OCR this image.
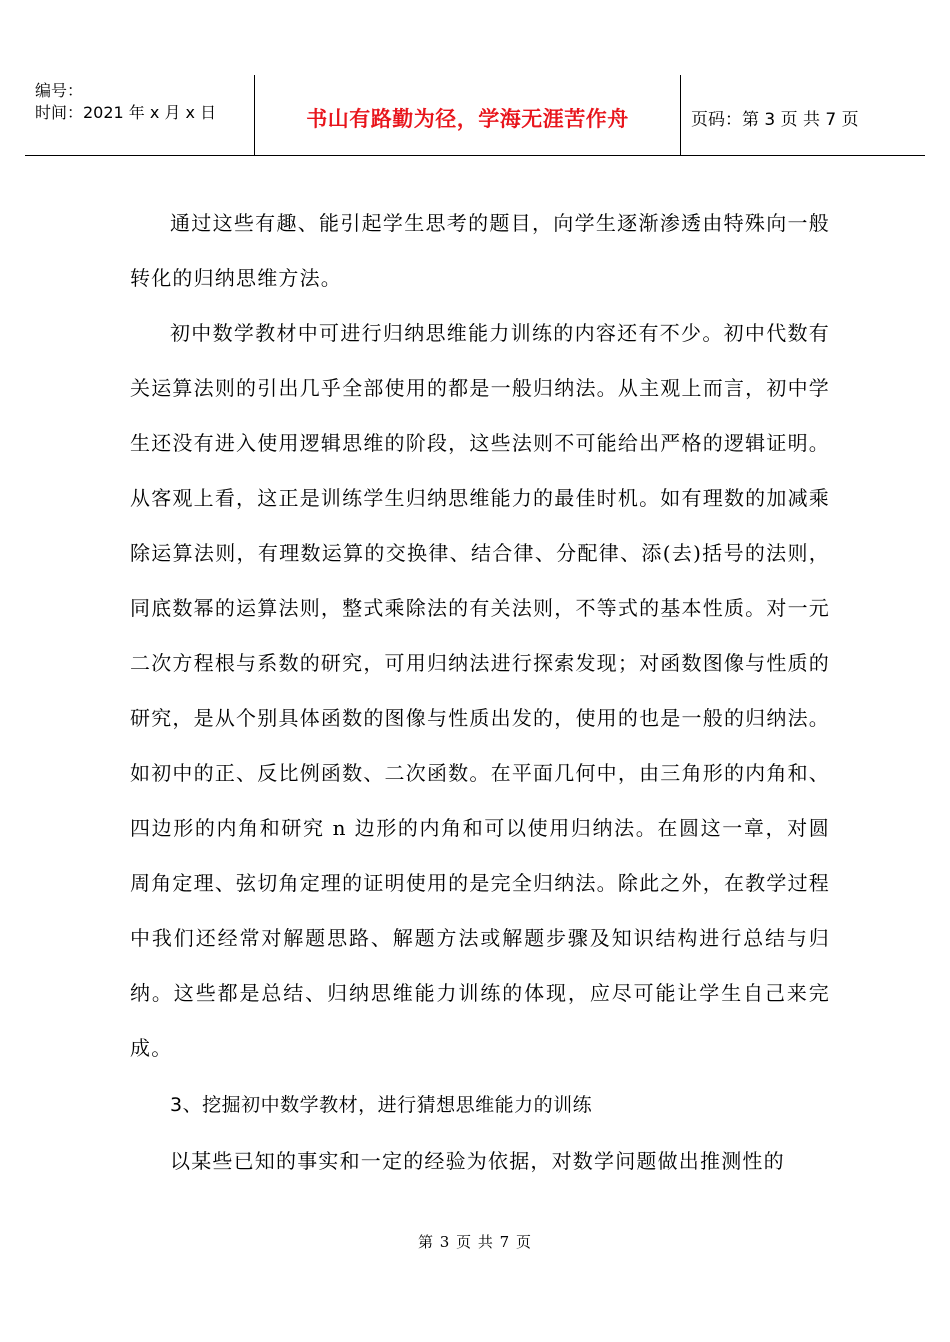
编号：
时间：2021 年 x 月 x 日	书山有路勤为径，学海无涯苦作舟	页码：第 3 页 共 7 页

通过这些有趣、能引起学生思考的题目，向学生逐渐渗透由特殊向一般转化的归纳思维方法。

初中数学教材中可进行归纳思维能力训练的内容还有不少。初中代数有关运算法则的引出几乎全部使用的都是一般归纳法。从主观上而言，初中学生还没有进入使用逻辑思维的阶段，这些法则不可能给出严格的逻辑证明。从客观上看，这正是训练学生归纳思维能力的最佳时机。如有理数的加减乘除运算法则，有理数运算的交换律、结合律、分配律、添(去)括号的法则，同底数幂的运算法则，整式乘除法的有关法则，不等式的基本性质。对一元二次方程根与系数的研究，可用归纳法进行探索发现；对函数图像与性质的研究，是从个别具体函数的图像与性质出发的，使用的也是一般的归纳法。如初中的正、反比例函数、二次函数。在平面几何中，由三角形的内角和、四边形的内角和研究 n 边形的内角和可以使用归纳法。在圆这一章，对圆周角定理、弦切角定理的证明使用的是完全归纳法。除此之外，在教学过程中我们还经常对解题思路、解题方法或解题步骤及知识结构进行总结与归纳。这些都是总结、归纳思维能力训练的体现，应尽可能让学生自己来完成。

3、挖掘初中数学教材，进行猜想思维能力的训练

以某些已知的事实和一定的经验为依据，对数学问题做出推测性的

第 3 页 共 7 页
